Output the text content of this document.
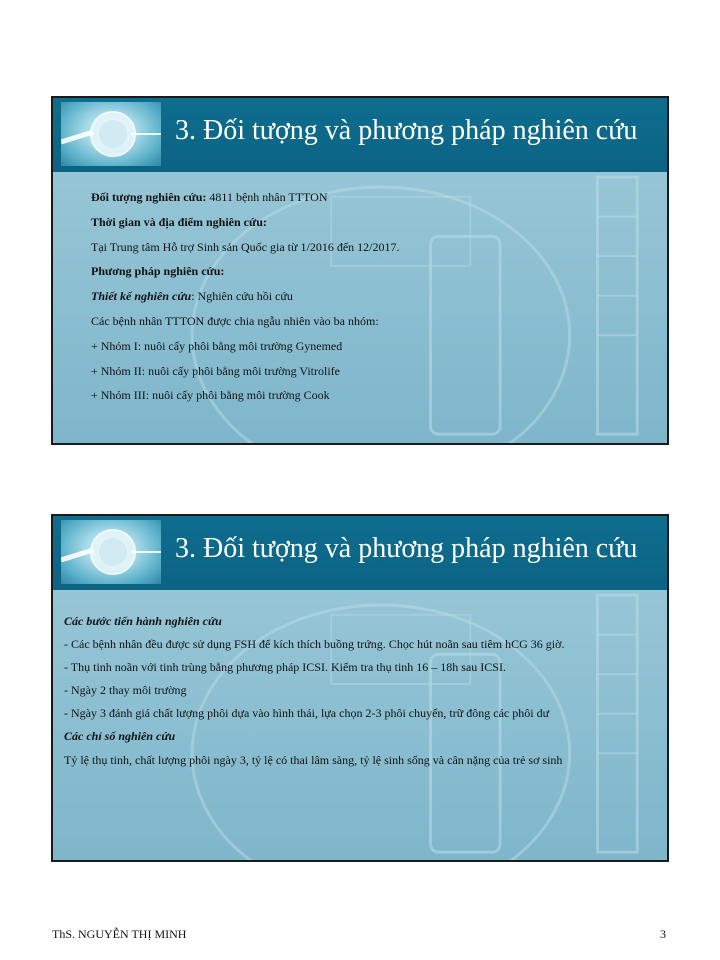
3. Đối tượng và phương pháp nghiên cứu
Đối tượng nghiên cứu: 4811 bệnh nhân TTTON
Thời gian và địa điểm nghiên cứu:
Tại Trung tâm Hỗ trợ Sinh sản Quốc gia từ 1/2016 đến 12/2017.
Phương pháp nghiên cứu:
Thiết kế nghiên cứu: Nghiên cứu hồi cứu
Các bệnh nhân TTTON được chia ngẫu nhiên vào ba nhóm:
+ Nhóm I: nuôi cấy phôi bằng môi trường Gynemed
+ Nhóm II: nuôi cấy phôi bằng môi trường Vitrolife
+ Nhóm III: nuôi cấy phôi bằng môi trường Cook
3. Đối tượng và phương pháp nghiên cứu
Các bước tiến hành nghiên cứu
- Các bệnh nhân đều được sử dụng FSH để kích thích buồng trứng. Chọc hút noãn sau tiêm hCG 36 giờ.
- Thụ tinh noãn với tinh trùng bằng phương pháp ICSI. Kiểm tra thụ tinh 16 – 18h sau ICSI.
- Ngày 2 thay môi trường
- Ngày 3 đánh giá chất lượng phôi dựa vào hình thái, lựa chọn 2-3 phôi chuyển, trữ đông các phôi dư
Các chỉ số nghiên cứu
Tỷ lệ thụ tinh, chất lượng phôi ngày 3, tỷ lệ có thai lâm sàng, tỷ lệ sinh sống và cân nặng của trẻ sơ sinh
ThS. NGUYỄN THỊ MINH	3
